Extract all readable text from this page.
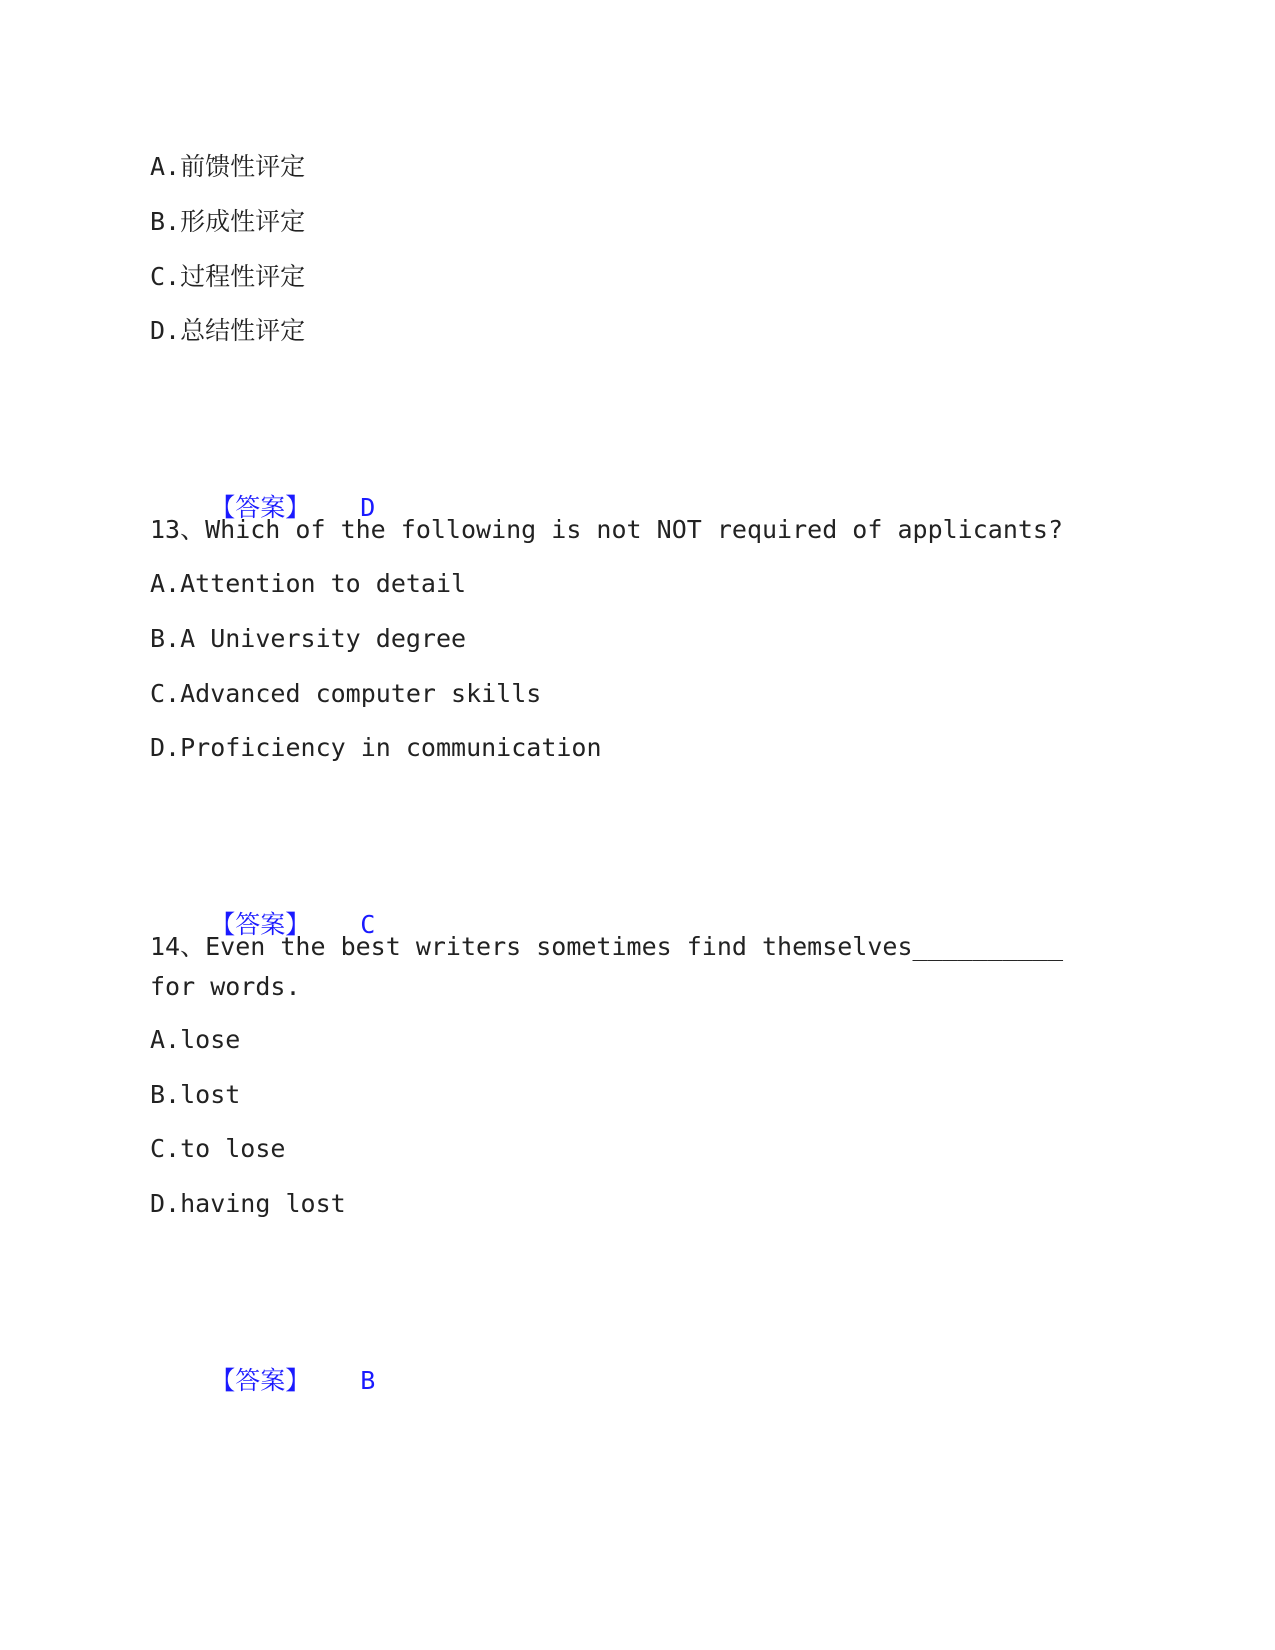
A.前馈性评定
B.形成性评定
C.过程性评定
D.总结性评定

【答案】 D

13、Which of the following is not NOT required of applicants?
A.Attention to detail
B.A University degree
C.Advanced computer skills
D.Proficiency in communication

【答案】 C

14、Even the best writers sometimes find themselves__________ for words.
A.lose
B.lost
C.to lose
D.having lost

【答案】 B
